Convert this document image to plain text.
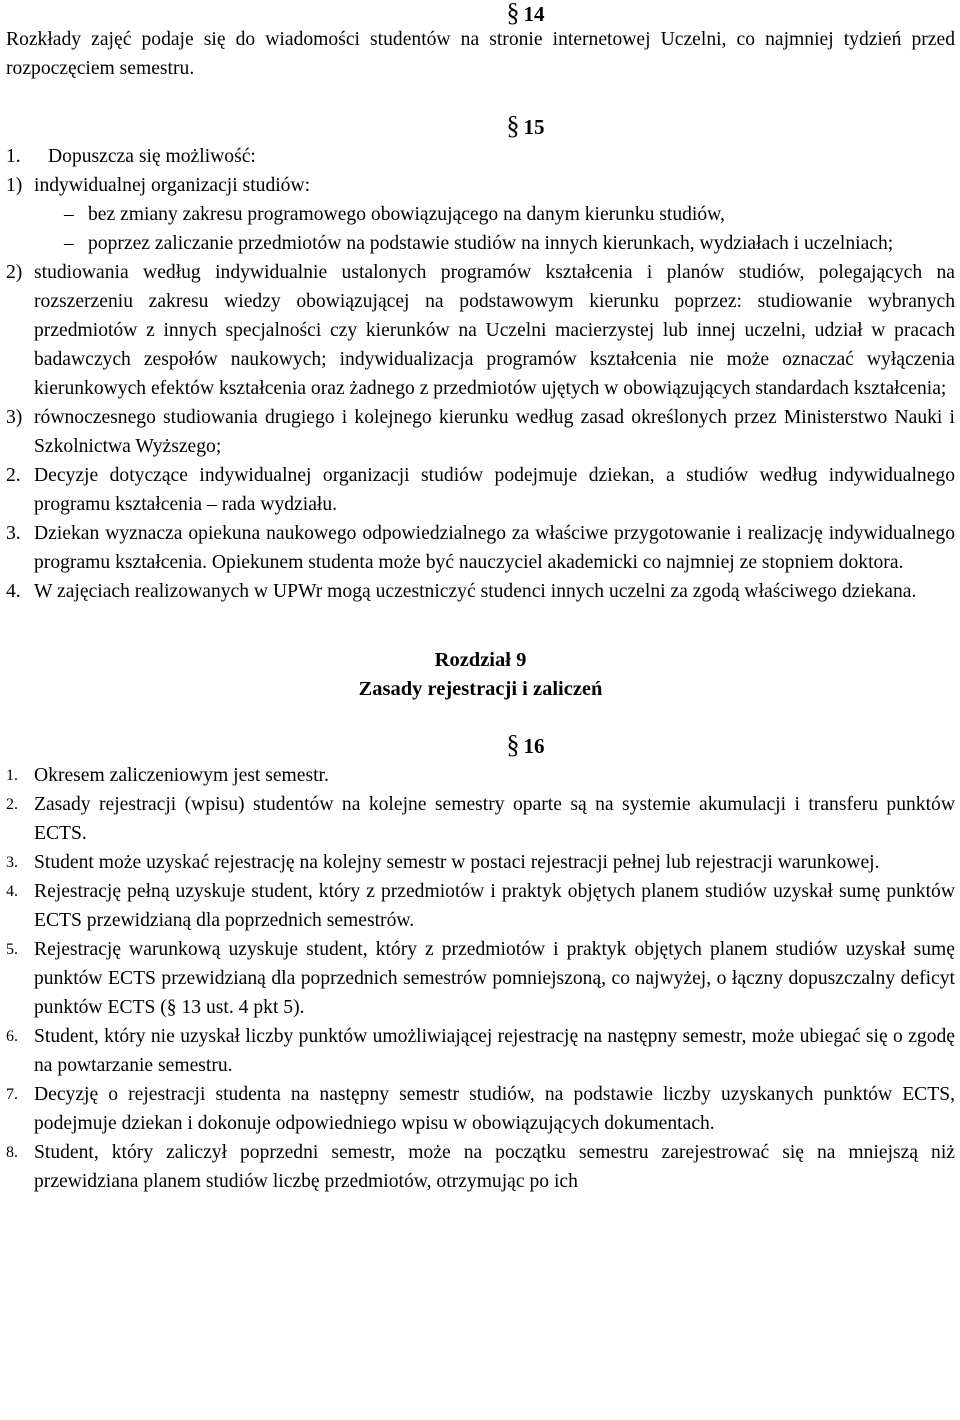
§ 14

Rozkłady zajęć podaje się do wiadomości studentów na stronie internetowej Uczelni, co najmniej tydzień przed rozpoczęciem semestru.

§ 15
1.	Dopuszcza się możliwość:
1) indywidualnej organizacji studiów:
– bez zmiany zakresu programowego obowiązującego na danym kierunku studiów,
– poprzez zaliczanie przedmiotów na podstawie studiów na innych kierunkach, wydziałach i uczelniach;
2) studiowania według indywidualnie ustalonych programów kształcenia i planów studiów, polegających na rozszerzeniu zakresu wiedzy obowiązującej na podstawowym kierunku poprzez: studiowanie wybranych przedmiotów z innych specjalności czy kierunków na Uczelni macierzystej lub innej uczelni, udział w pracach badawczych zespołów naukowych; indywidualizacja programów kształcenia nie może oznaczać wyłączenia kierunkowych efektów kształcenia oraz żadnego z przedmiotów ujętych w obowiązujących standardach kształcenia;
3) równoczesnego studiowania drugiego i kolejnego kierunku według zasad określonych przez Ministerstwo Nauki i Szkolnictwa Wyższego;
2. Decyzje dotyczące indywidualnej organizacji studiów podejmuje dziekan, a studiów według indywidualnego programu kształcenia – rada wydziału.
3. Dziekan wyznacza opiekuna naukowego odpowiedzialnego za właściwe przygotowanie i realizację indywidualnego programu kształcenia. Opiekunem studenta może być nauczyciel akademicki co najmniej ze stopniem doktora.
4. W zajęciach realizowanych w UPWr mogą uczestniczyć studenci innych uczelni za zgodą właściwego dziekana.
Rozdział 9
Zasady rejestracji i zaliczeń
§ 16
1. Okresem zaliczeniowym jest semestr.
2. Zasady rejestracji (wpisu) studentów na kolejne semestry oparte są na systemie akumulacji i transferu punktów ECTS.
3. Student może uzyskać rejestrację na kolejny semestr w postaci rejestracji pełnej lub rejestracji warunkowej.
4. Rejestrację pełną uzyskuje student, który z przedmiotów i praktyk objętych planem studiów uzyskał sumę punktów ECTS przewidzianą dla poprzednich semestrów.
5. Rejestrację warunkową uzyskuje student, który z przedmiotów i praktyk objętych planem studiów uzyskał sumę punktów ECTS przewidzianą dla poprzednich semestrów pomniejszoną, co najwyżej, o łączny dopuszczalny deficyt punktów ECTS (§ 13 ust. 4 pkt 5).
6. Student, który nie uzyskał liczby punktów umożliwiającej rejestrację na następny semestr, może ubiegać się o zgodę na powtarzanie semestru.
7. Decyzję o rejestracji studenta na następny semestr studiów, na podstawie liczby uzyskanych punktów ECTS, podejmuje dziekan i dokonuje odpowiedniego wpisu w obowiązujących dokumentach.
8. Student, który zaliczył poprzedni semestr, może na początku semestru zarejestrować się na mniejszą niż przewidziana planem studiów liczbę przedmiotów, otrzymując po ich
